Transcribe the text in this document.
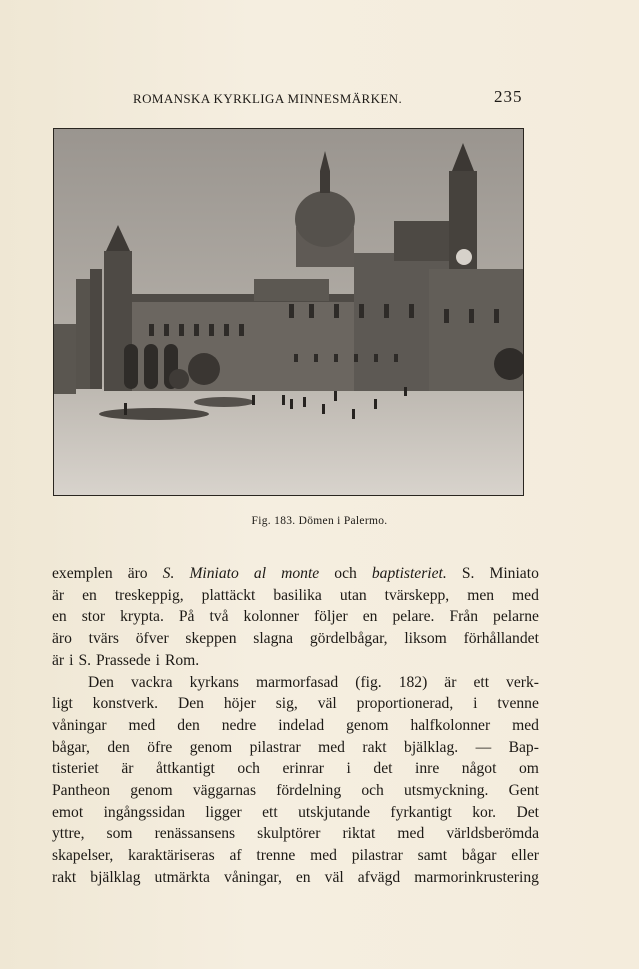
ROMANSKA KYRKLIGA MINNESMÄRKEN.	235
Fig. 183. Dömen i Palermo.
exemplen äro S. Miniato al monte och baptisteriet. S. Miniato
är en treskeppig, plattäckt basilika utan tvärskepp, men med
en stor krypta. På två kolonner följer en pelare. Från pelarne
äro tvärs öfver skeppen slagna gördelbågar, liksom förhållandet
är i S. Prassede i Rom.
Den vackra kyrkans marmorfasad (fig. 182) är ett verk-
ligt konstverk. Den höjer sig, väl proportionerad, i tvenne
våningar med den nedre indelad genom halfkolonner med
bågar, den öfre genom pilastrar med rakt bjälklag. — Bap-
tisteriet är åttkantigt och erinrar i det inre något om
Pantheon genom väggarnas fördelning och utsmyckning. Gent
emot ingångssidan ligger ett utskjutande fyrkantigt kor. Det
yttre, som renässansens skulptörer riktat med världsberömda
skapelser, karaktäriseras af trenne med pilastrar samt bågar eller
rakt bjälklag utmärkta våningar, en väl afvägd marmorinkrustering
